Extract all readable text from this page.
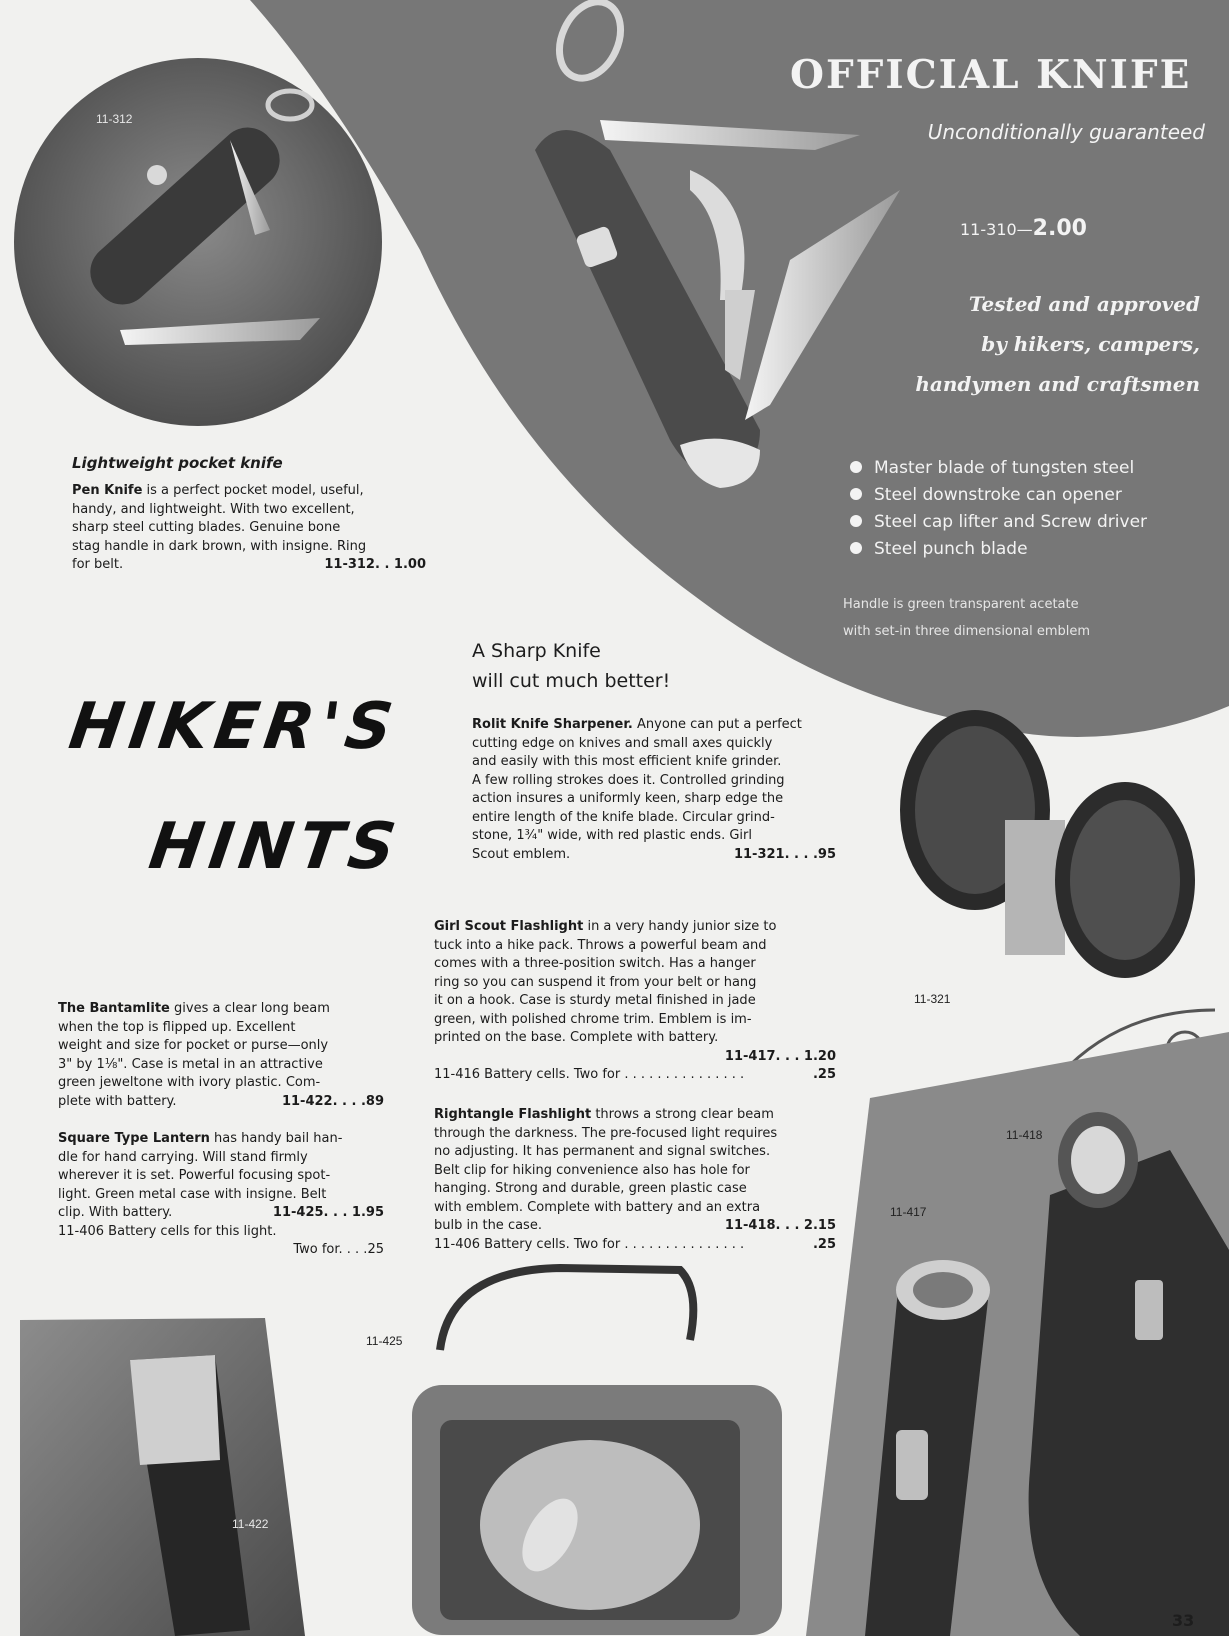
11-312
11-321
11-418
11-417
11-425
11-422
OFFICIAL KNIFE
Unconditionally guaranteed
11-310—2.00
Tested and approved
by hikers, campers,
handymen and craftsmen
Master blade of tungsten steel
Steel downstroke can opener
Steel cap lifter and Screw driver
Steel punch blade
Handle is green transparent acetate
with set-in three dimensional emblem
Lightweight pocket knife
Pen Knife is a perfect pocket model, useful,
handy, and lightweight. With two excellent,
sharp steel cutting blades. Genuine bone
stag handle in dark brown, with insigne. Ring
for belt.	11-312. . 1.00
HIKER'S
HINTS
A Sharp Knife
will cut much better!
Rolit Knife Sharpener. Anyone can put a perfect
cutting edge on knives and small axes quickly
and easily with this most efficient knife grinder.
A few rolling strokes does it. Controlled grinding
action insures a uniformly keen, sharp edge the
entire length of the knife blade. Circular grind-
stone, 1¾" wide, with red plastic ends. Girl
Scout emblem.	11-321. . . .95
Girl Scout Flashlight in a very handy junior size to
tuck into a hike pack. Throws a powerful beam and
comes with a three-position switch. Has a hanger
ring so you can suspend it from your belt or hang
it on a hook. Case is sturdy metal finished in jade
green, with polished chrome trim. Emblem is im-
printed on the base. Complete with battery.
11-417. . . 1.20
11-416 Battery cells. Two for . . . . . . . . . . . . . . .	.25
Rightangle Flashlight throws a strong clear beam
through the darkness. The pre-focused light requires
no adjusting. It has permanent and signal switches.
Belt clip for hiking convenience also has hole for
hanging. Strong and durable, green plastic case
with emblem. Complete with battery and an extra
bulb in the case.	11-418. . . 2.15
11-406 Battery cells. Two for . . . . . . . . . . . . . . .	.25
The Bantamlite gives a clear long beam
when the top is flipped up. Excellent
weight and size for pocket or purse—only
3" by 1⅛". Case is metal in an attractive
green jeweltone with ivory plastic. Com-
plete with battery.	11-422. . . .89
Square Type Lantern has handy bail han-
dle for hand carrying. Will stand firmly
wherever it is set. Powerful focusing spot-
light. Green metal case with insigne. Belt
clip. With battery.	11-425. . . 1.95
11-406 Battery cells for this light.
Two for. . . .25
33
